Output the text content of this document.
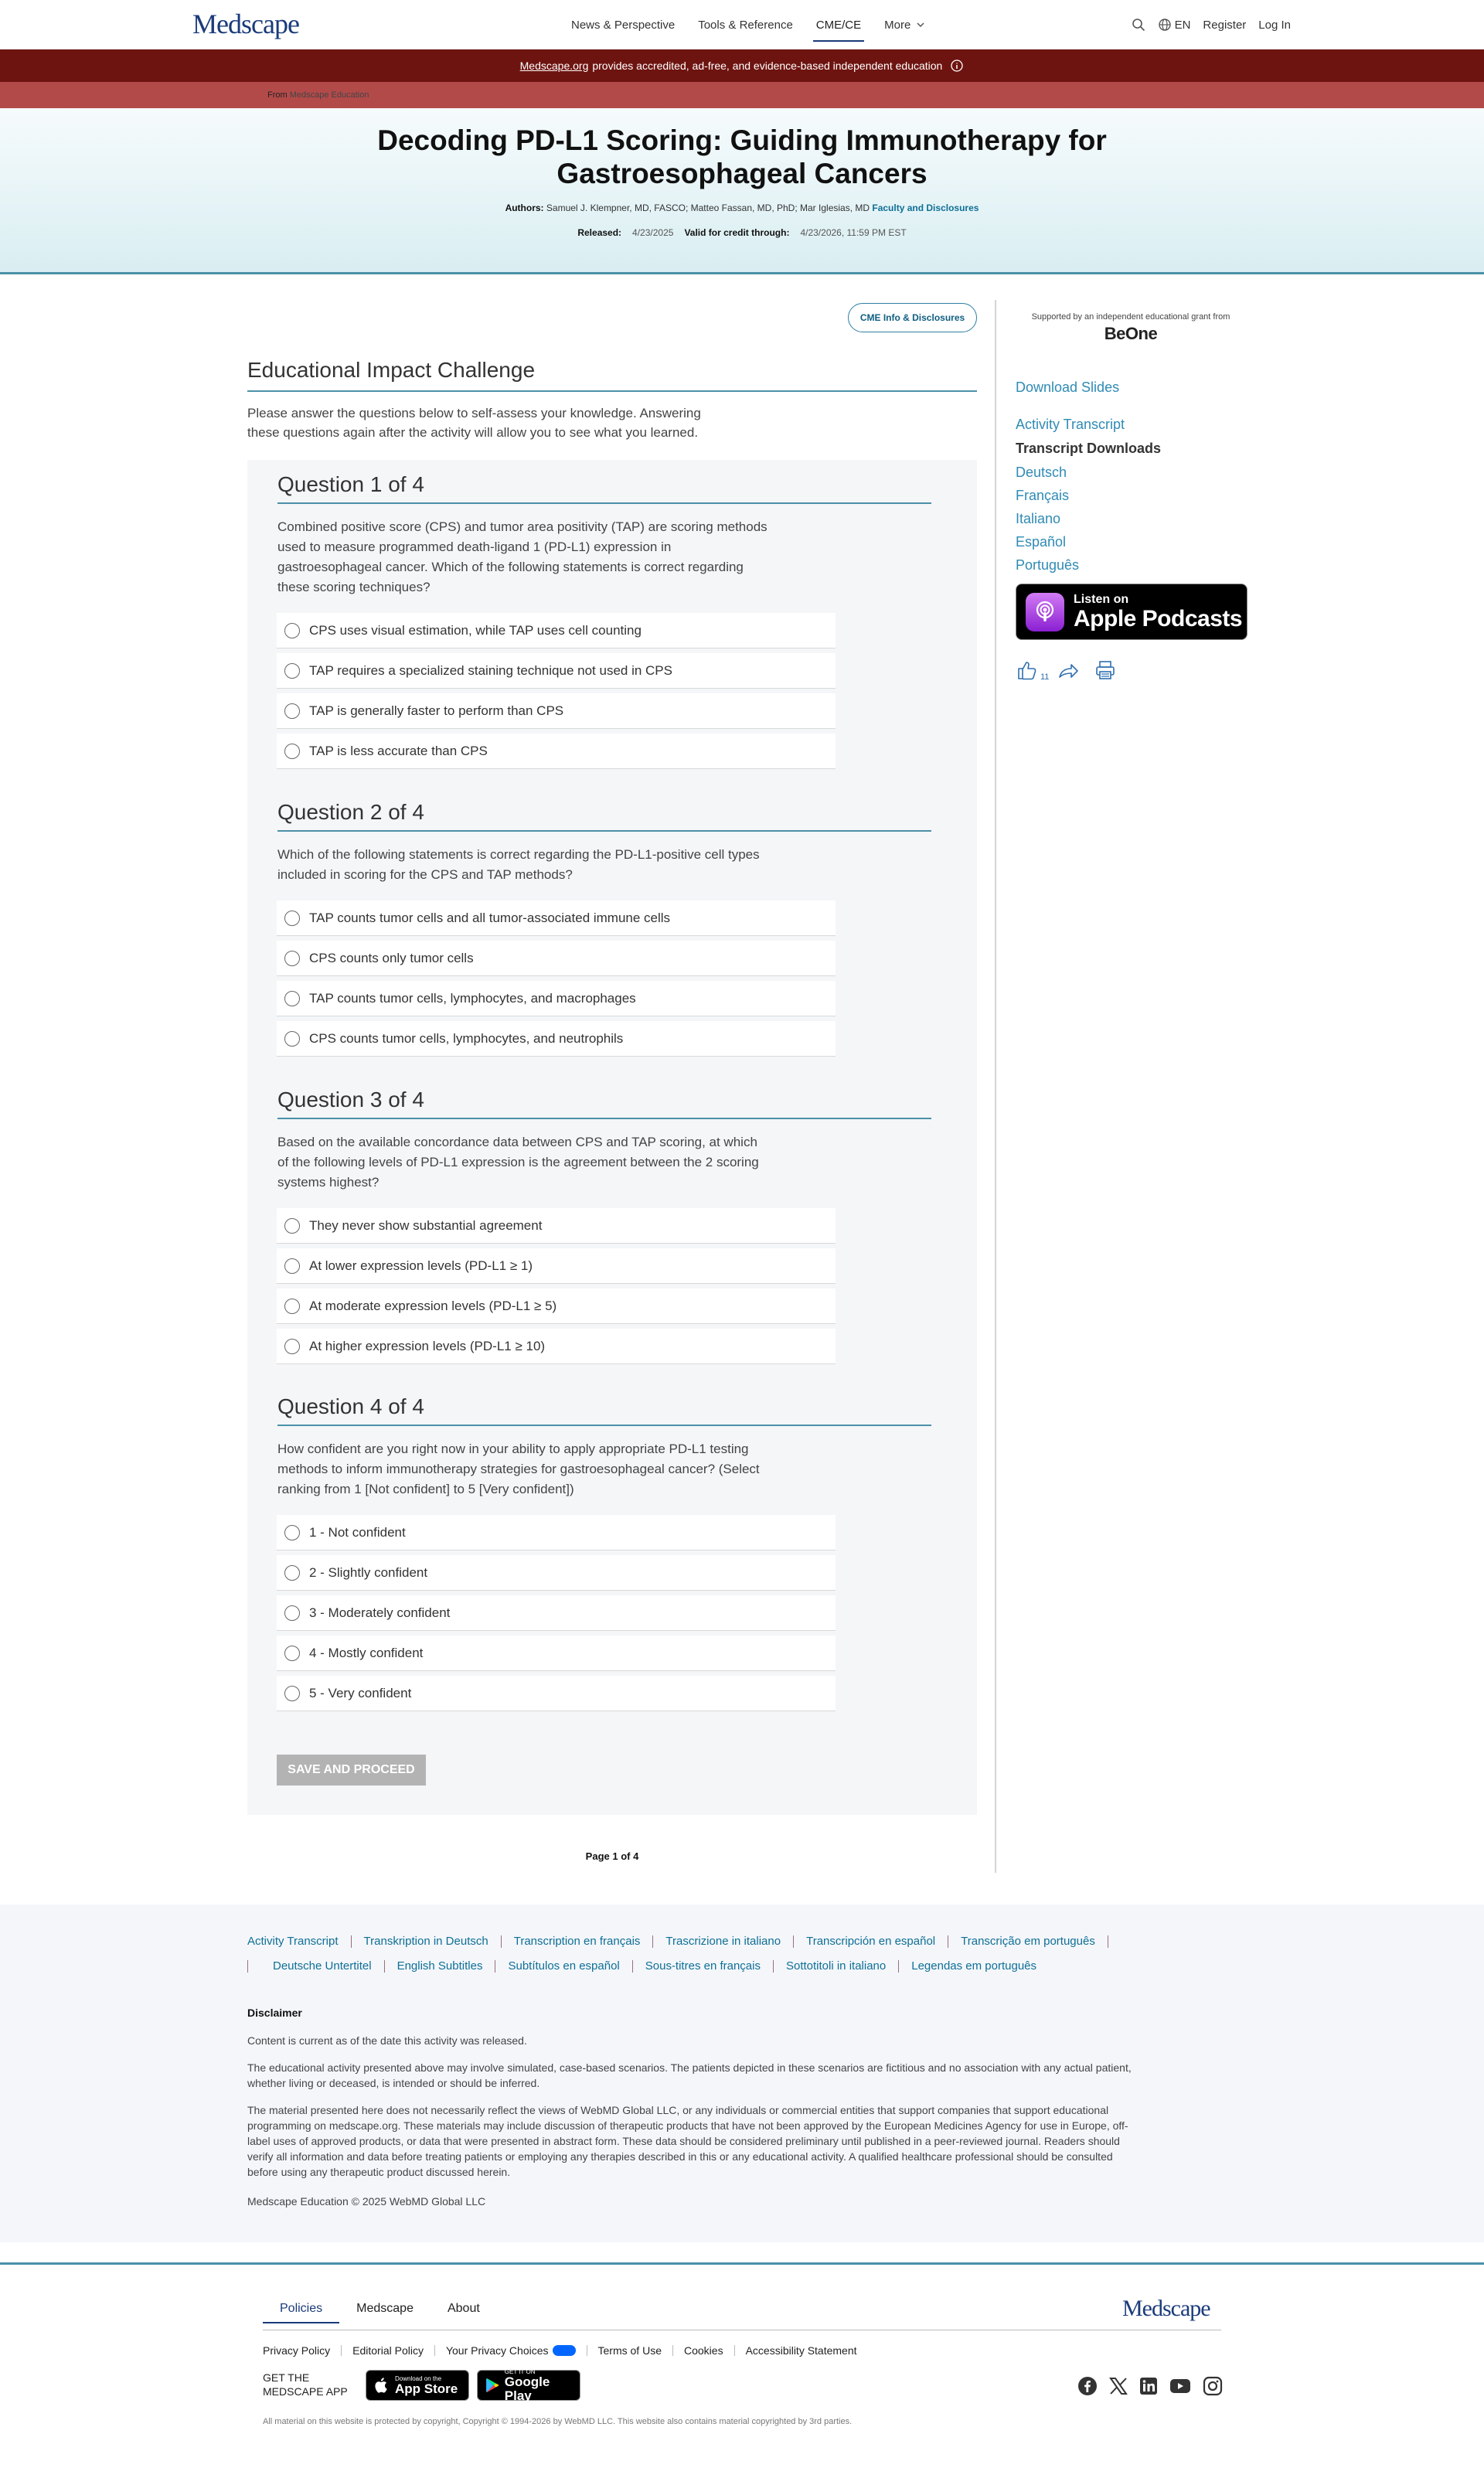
Medscape	News & Perspective Tools & Reference CME/CE More	EN Register Log In
Medscape.org provides accredited, ad-free, and evidence-based independent education
From Medscape Education
Decoding PD-L1 Scoring: Guiding Immunotherapy for
Gastroesophageal Cancers
Authors: Samuel J. Klempner, MD, FASCO; Matteo Fassan, MD, PhD; Mar Iglesias, MD Faculty and Disclosures
Released: 4/23/2025 Valid for credit through: 4/23/2026, 11:59 PM EST
CME Info & Disclosures
Educational Impact Challenge
Please answer the questions below to self-assess your knowledge. Answering
these questions again after the activity will allow you to see what you learned.
Question 1 of 4
Combined positive score (CPS) and tumor area positivity (TAP) are scoring methods
used to measure programmed death-ligand 1 (PD-L1) expression in
gastroesophageal cancer. Which of the following statements is correct regarding
these scoring techniques?
CPS uses visual estimation, while TAP uses cell counting
TAP requires a specialized staining technique not used in CPS
TAP is generally faster to perform than CPS
TAP is less accurate than CPS
Question 2 of 4
Which of the following statements is correct regarding the PD-L1-positive cell types
included in scoring for the CPS and TAP methods?
TAP counts tumor cells and all tumor-associated immune cells
CPS counts only tumor cells
TAP counts tumor cells, lymphocytes, and macrophages
CPS counts tumor cells, lymphocytes, and neutrophils
Question 3 of 4
Based on the available concordance data between CPS and TAP scoring, at which
of the following levels of PD-L1 expression is the agreement between the 2 scoring
systems highest?
They never show substantial agreement
At lower expression levels (PD-L1 ≥ 1)
At moderate expression levels (PD-L1 ≥ 5)
At higher expression levels (PD-L1 ≥ 10)
Question 4 of 4
How confident are you right now in your ability to apply appropriate PD-L1 testing
methods to inform immunotherapy strategies for gastroesophageal cancer? (Select
ranking from 1 [Not confident] to 5 [Very confident])
1 - Not confident
2 - Slightly confident
3 - Moderately confident
4 - Mostly confident
5 - Very confident
SAVE AND PROCEED
Page 1 of 4
Supported by an independent educational grant from
BeOne
Download Slides
Activity Transcript
Transcript Downloads
Deutsch
Français
Italiano
Español
Português
Listen on
Apple Podcasts
11
Activity Transcript	Transkription in Deutsch	Transcription en français	Trascrizione in italiano	Transcripción en español	Transcrição em português
Deutsche Untertitel	English Subtitles	Subtítulos en español	Sous-titres en français	Sottotitoli in italiano	Legendas em português
Disclaimer
Content is current as of the date this activity was released.
The educational activity presented above may involve simulated, case-based scenarios. The patients depicted in these scenarios are fictitious and no association with any actual patient,
whether living or deceased, is intended or should be inferred.
The material presented here does not necessarily reflect the views of WebMD Global LLC, or any individuals or commercial entities that support companies that support educational
programming on medscape.org. These materials may include discussion of therapeutic products that have not been approved by the European Medicines Agency for use in Europe, off-
label uses of approved products, or data that were presented in abstract form. These data should be considered preliminary until published in a peer-reviewed journal. Readers should
verify all information and data before treating patients or employing any therapies described in this or any educational activity. A qualified healthcare professional should be consulted
before using any therapeutic product discussed herein.
Medscape Education © 2025 WebMD Global LLC
Policies	Medscape	About	Medscape
Privacy Policy	Editorial Policy	Your Privacy Choices	Terms of Use	Cookies	Accessibility Statement
GET THE
MEDSCAPE APP
Download on the
App Store
GET IT ON
Google Play
All material on this website is protected by copyright, Copyright © 1994-2026 by WebMD LLC. This website also contains material copyrighted by 3rd parties.
